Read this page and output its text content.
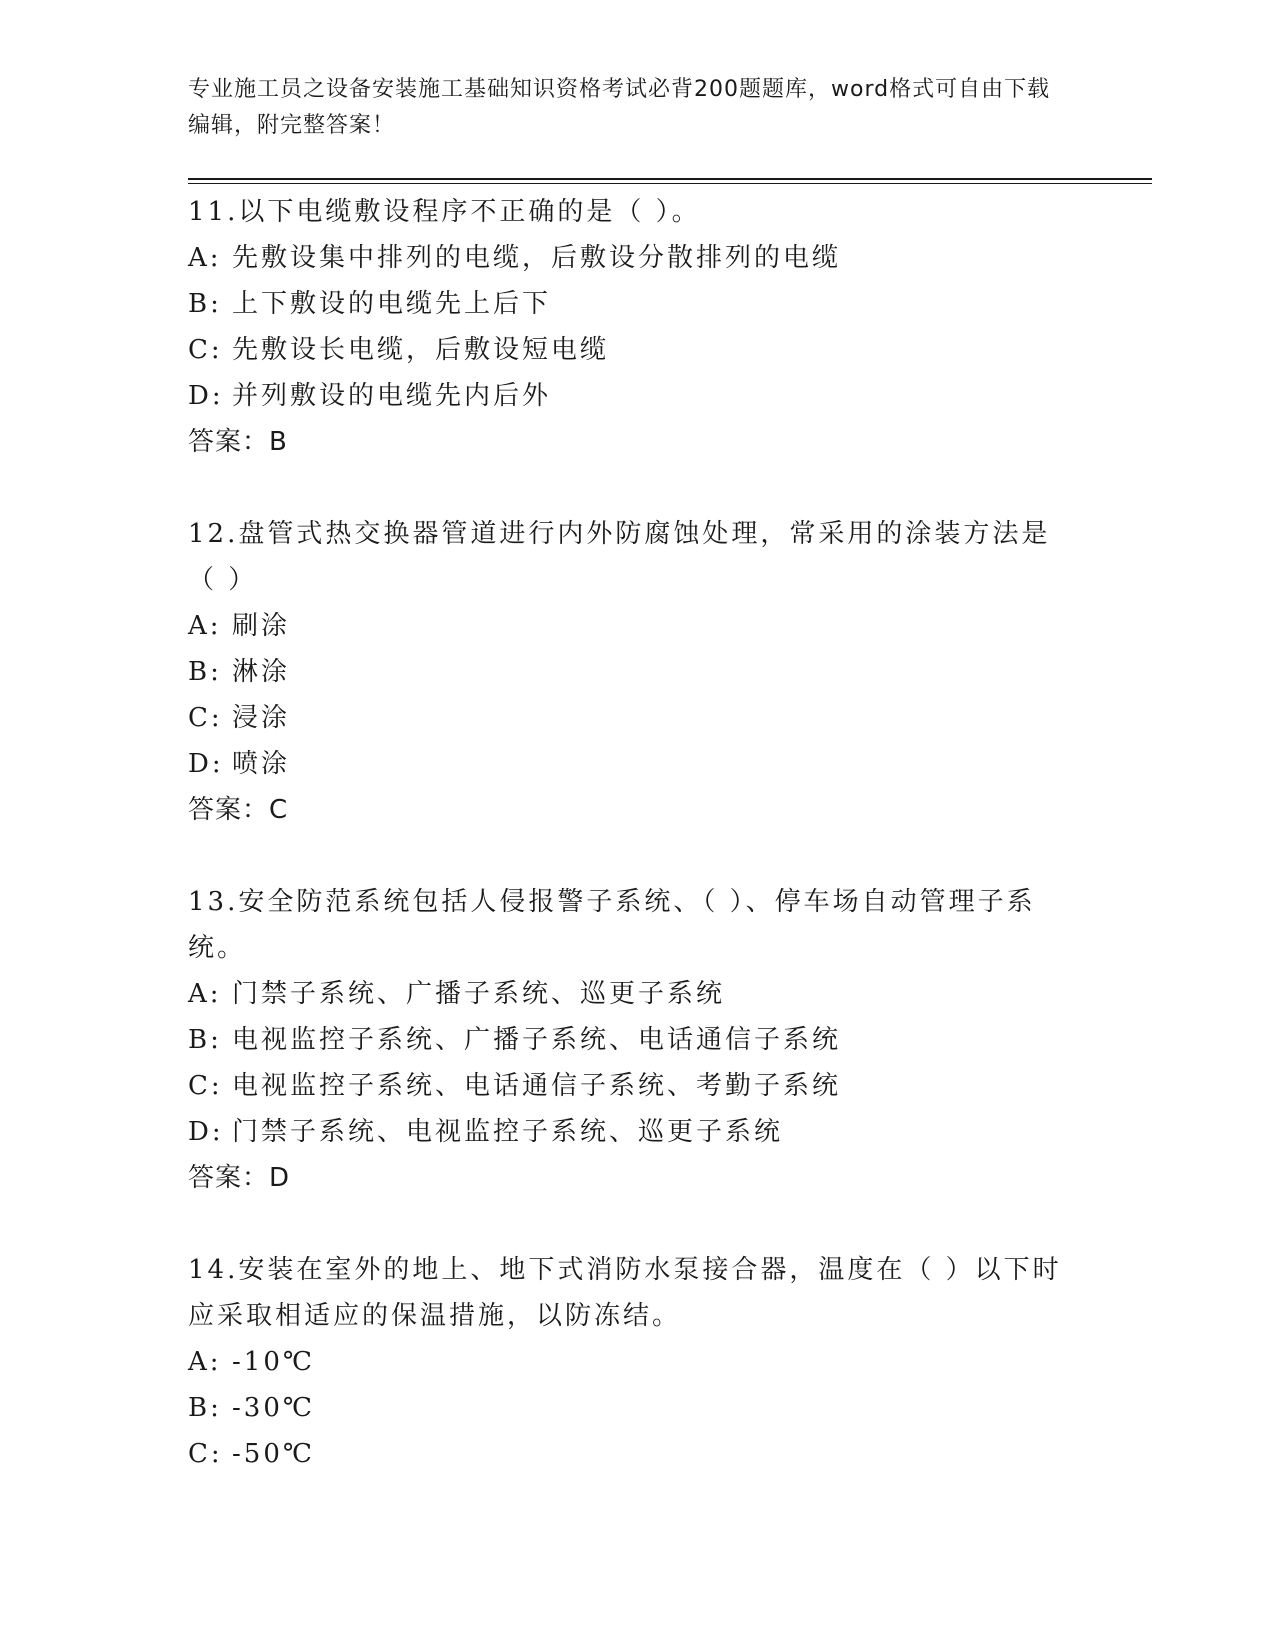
专业施工员之设备安装施工基础知识资格考试必背200题题库，word格式可自由下载编辑，附完整答案！
11.以下电缆敷设程序不正确的是（ ）。
A: 先敷设集中排列的电缆，后敷设分散排列的电缆
B: 上下敷设的电缆先上后下
C: 先敷设长电缆，后敷设短电缆
D: 并列敷设的电缆先内后外
答案：B
12.盘管式热交换器管道进行内外防腐蚀处理，常采用的涂装方法是（ ）
A: 刷涂
B: 淋涂
C: 浸涂
D: 喷涂
答案：C
13.安全防范系统包括人侵报警子系统、（ ）、停车场自动管理子系统。
A: 门禁子系统、广播子系统、巡更子系统
B: 电视监控子系统、广播子系统、电话通信子系统
C: 电视监控子系统、电话通信子系统、考勤子系统
D: 门禁子系统、电视监控子系统、巡更子系统
答案：D
14.安装在室外的地上、地下式消防水泵接合器，温度在（ ）以下时应采取相适应的保温措施，以防冻结。
A: -10℃
B: -30℃
C: -50℃
